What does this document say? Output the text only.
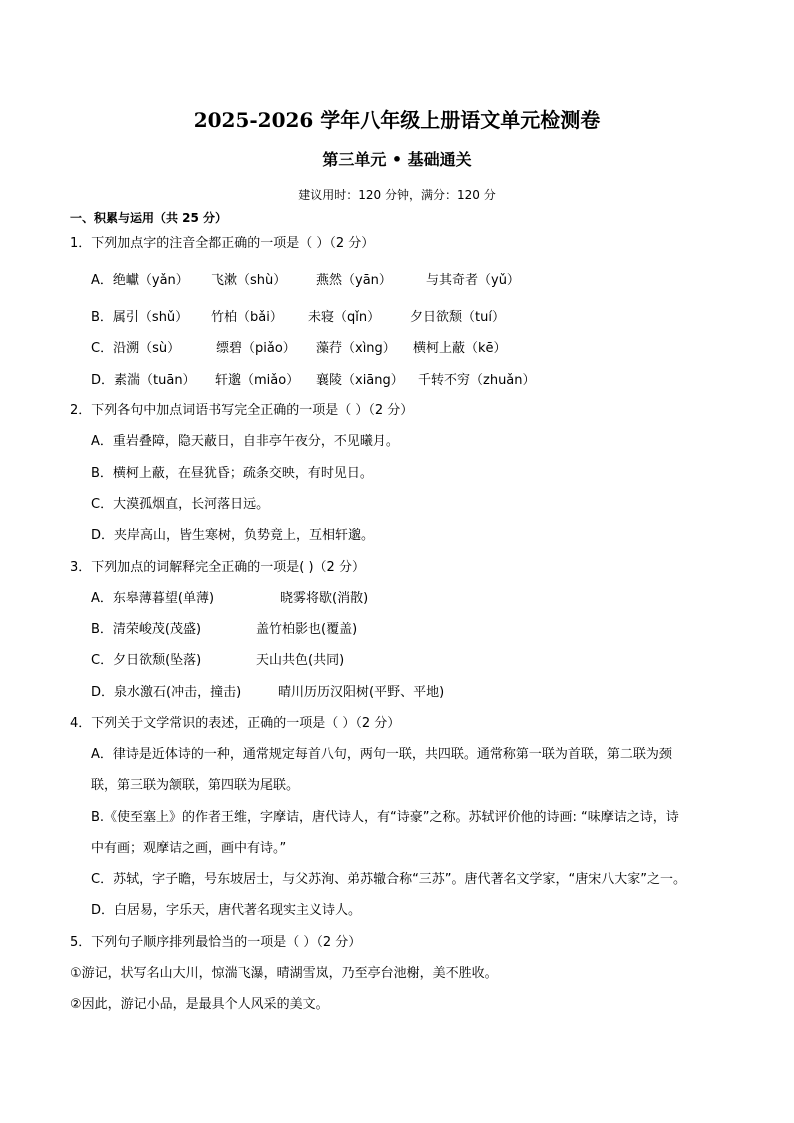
2025-2026 学年八年级上册语文单元检测卷
第三单元 • 基础通关
建议用时：120 分钟，满分：120 分
一、积累与运用（共 25 分）
1．下列加点字的注音全都正确的一项是（ ）（2 分）
A．绝巘（yǎn） 飞漱（shù） 燕然（yān）	与其奇者（yǔ）
B．属引（shǔ） 竹柏（bǎi） 未寝（qǐn） 夕日欲颓（tuí）
C．沿溯（sù）	缥碧（piǎo） 藻荇（xìng） 横柯上蔽（kē）
D．素湍（tuān） 轩邈（miǎo） 襄陵（xiāng） 千转不穷（zhuǎn）
2．下列各句中加点词语书写完全正确的一项是（ ）（2 分）
A．重岩叠障，隐天蔽日，自非亭午夜分，不见曦月。
B．横柯上蔽，在昼犹昏；疏条交映，有时见日。
C．大漠孤烟直，长河落日远。
D．夹岸高山，皆生寒树，负势竟上，互相轩邈。
3．下列加点的词解释完全正确的一项是( )（2 分）
A．东皋薄暮望(单薄)	晓雾将歇(消散)
B．清荣峻茂(茂盛)	盖竹柏影也(覆盖)
C．夕日欲颓(坠落)	天山共色(共同)
D．泉水激石(冲击，撞击)	晴川历历汉阳树(平野、平地)
4．下列关于文学常识的表述，正确的一项是（ ）（2 分）
A．律诗是近体诗的一种，通常规定每首八句，两句一联，共四联。通常称第一联为首联，第二联为颈
联，第三联为颔联，第四联为尾联。
B.《使至塞上》的作者王维，字摩诘，唐代诗人，有“诗豪”之称。苏轼评价他的诗画: “味摩诘之诗，诗
中有画；观摩诘之画，画中有诗。”
C．苏轼，字子瞻，号东坡居士，与父苏洵、弟苏辙合称“三苏”。唐代著名文学家，“唐宋八大家”之一。
D．白居易，字乐天，唐代著名现实主义诗人。
5．下列句子顺序排列最恰当的一项是（ ）（2 分）
①游记，状写名山大川，惊湍飞瀑，晴湖雪岚，乃至亭台池榭，美不胜收。
②因此，游记小品，是最具个人风采的美文。
